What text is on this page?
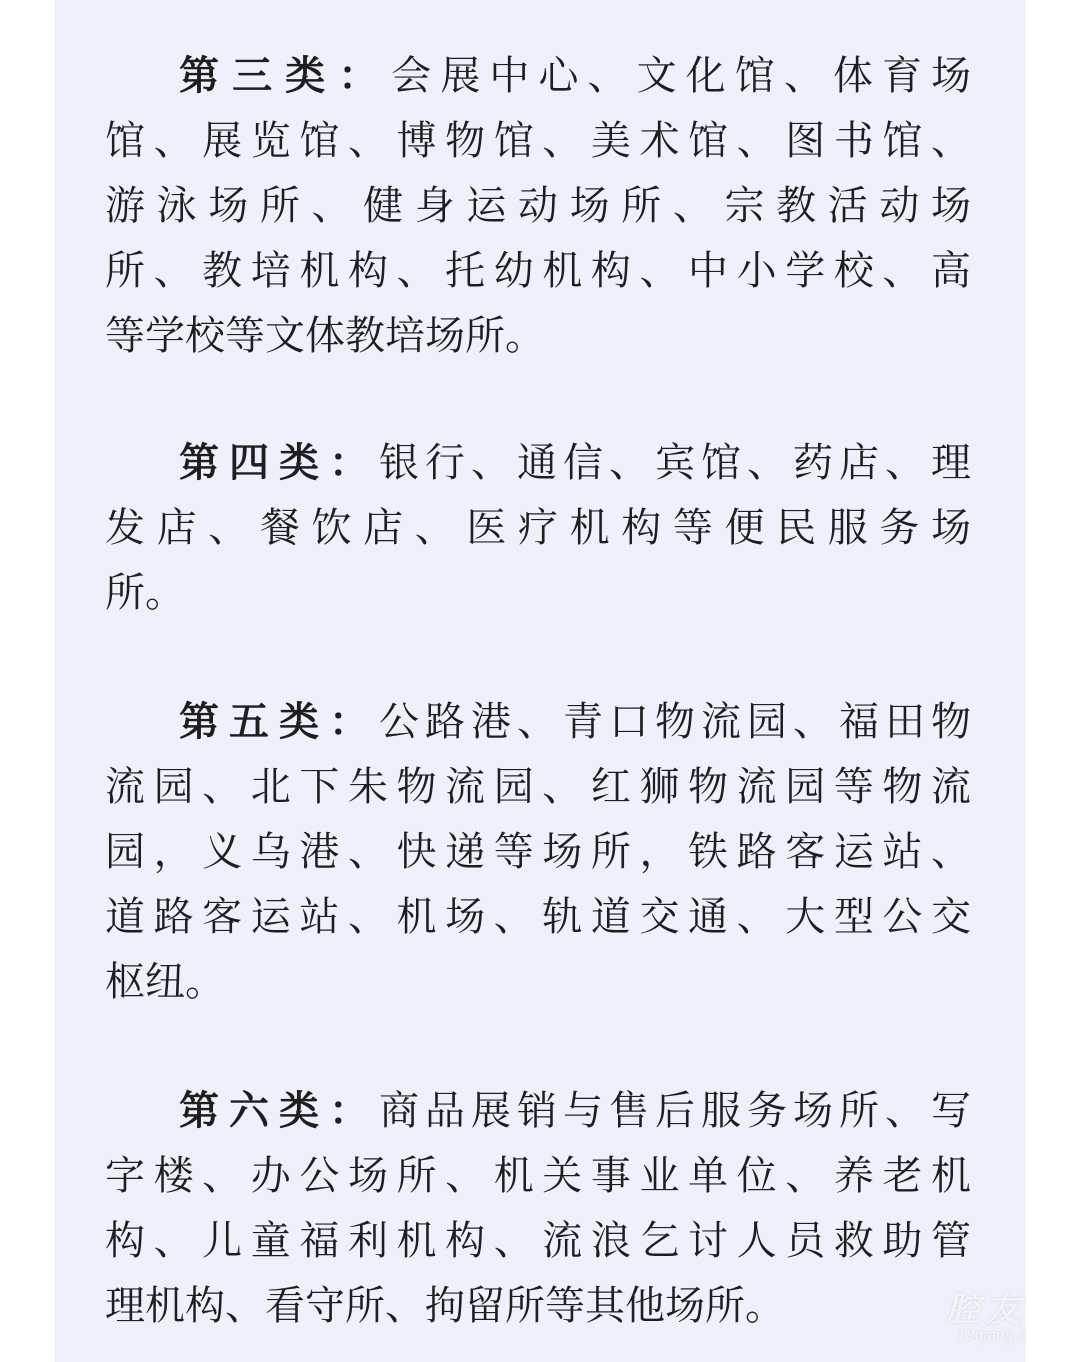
第三类：会展中心、文化馆、体育场
馆、展览馆、博物馆、美术馆、图书馆、
游泳场所、健身运动场所、宗教活动场
所、教培机构、托幼机构、中小学校、高
等学校等文体教培场所。
第四类：银行、通信、宾馆、药店、理
发店、餐饮店、医疗机构等便民服务场
所。
第五类：公路港、青口物流园、福田物
流园、北下朱物流园、红狮物流园等物流
园，义乌港、快递等场所，铁路客运站、
道路客运站、机场、轨道交通、大型公交
枢纽。
第六类：商品展销与售后服务场所、写
字楼、办公场所、机关事业单位、养老机
构、儿童福利机构、流浪乞讨人员救助管
理机构、看守所、拘留所等其他场所。	腔友
18qiang.c
